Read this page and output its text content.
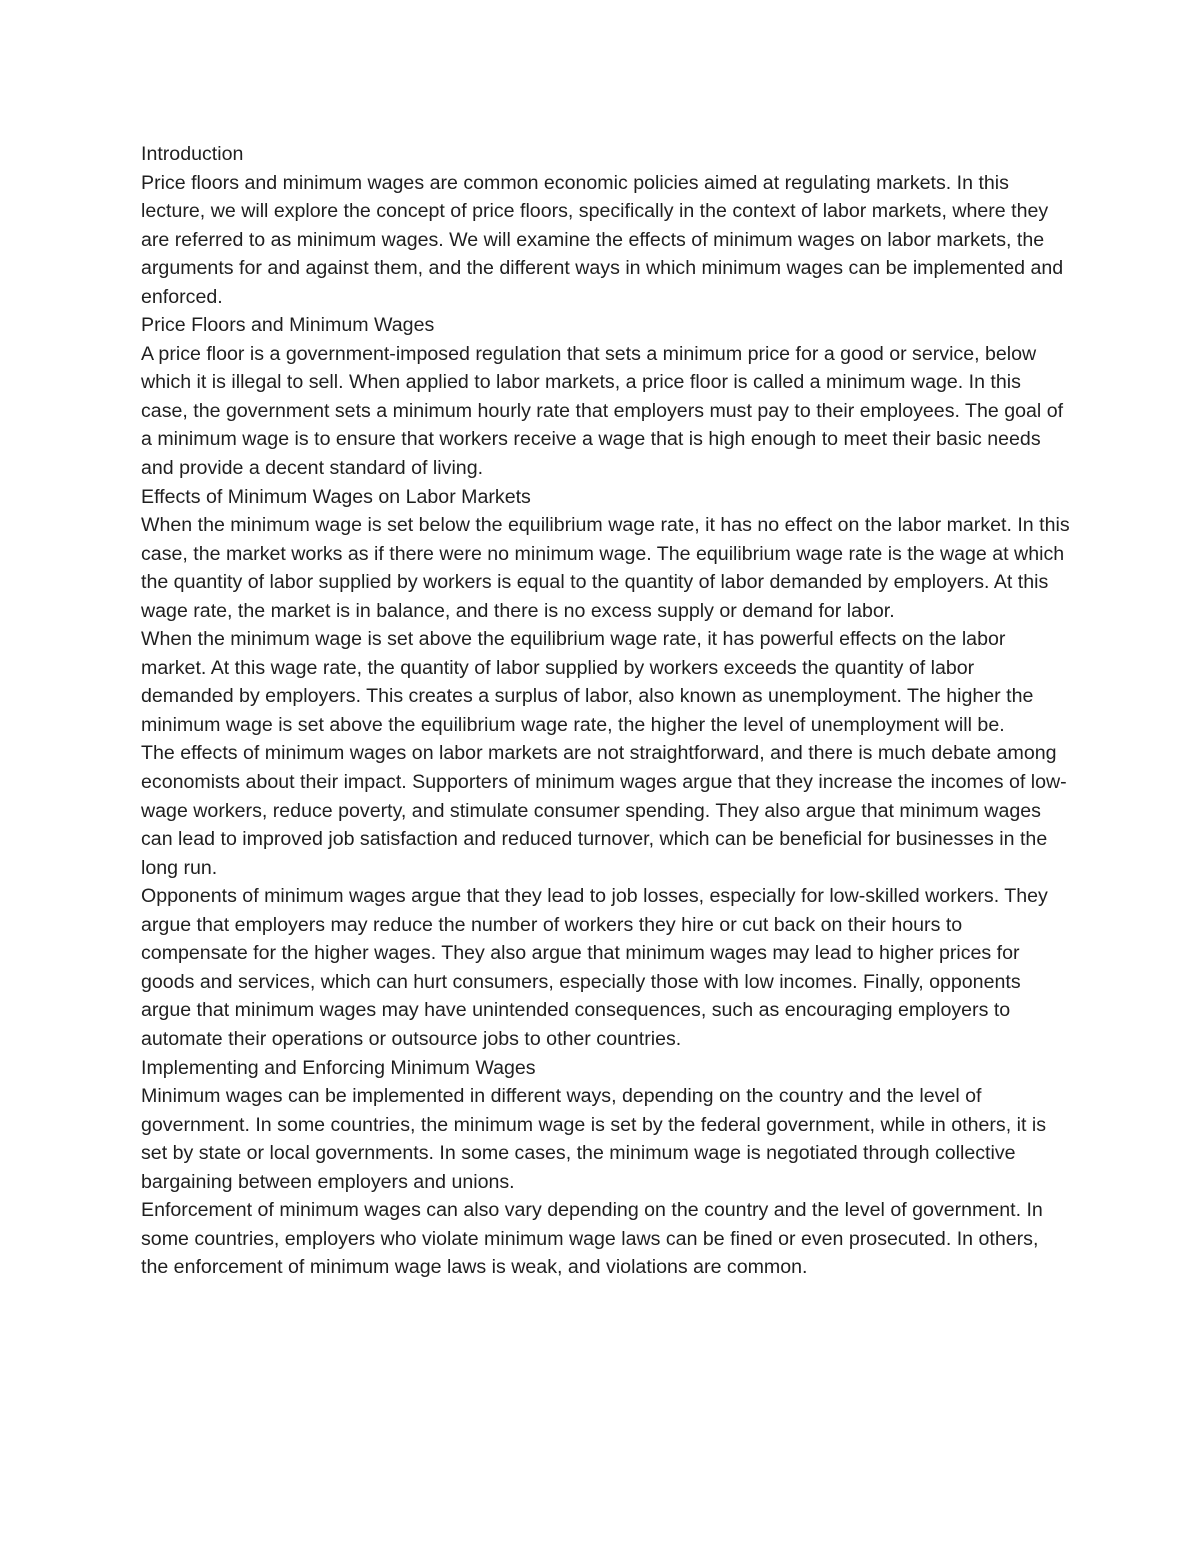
Introduction

Price floors and minimum wages are common economic policies aimed at regulating markets. In this lecture, we will explore the concept of price floors, specifically in the context of labor markets, where they are referred to as minimum wages. We will examine the effects of minimum wages on labor markets, the arguments for and against them, and the different ways in which minimum wages can be implemented and enforced.

Price Floors and Minimum Wages

A price floor is a government-imposed regulation that sets a minimum price for a good or service, below which it is illegal to sell. When applied to labor markets, a price floor is called a minimum wage. In this case, the government sets a minimum hourly rate that employers must pay to their employees. The goal of a minimum wage is to ensure that workers receive a wage that is high enough to meet their basic needs and provide a decent standard of living.

Effects of Minimum Wages on Labor Markets

When the minimum wage is set below the equilibrium wage rate, it has no effect on the labor market. In this case, the market works as if there were no minimum wage. The equilibrium wage rate is the wage at which the quantity of labor supplied by workers is equal to the quantity of labor demanded by employers. At this wage rate, the market is in balance, and there is no excess supply or demand for labor.

When the minimum wage is set above the equilibrium wage rate, it has powerful effects on the labor market. At this wage rate, the quantity of labor supplied by workers exceeds the quantity of labor demanded by employers. This creates a surplus of labor, also known as unemployment. The higher the minimum wage is set above the equilibrium wage rate, the higher the level of unemployment will be.

The effects of minimum wages on labor markets are not straightforward, and there is much debate among economists about their impact. Supporters of minimum wages argue that they increase the incomes of low-wage workers, reduce poverty, and stimulate consumer spending. They also argue that minimum wages can lead to improved job satisfaction and reduced turnover, which can be beneficial for businesses in the long run.

Opponents of minimum wages argue that they lead to job losses, especially for low-skilled workers. They argue that employers may reduce the number of workers they hire or cut back on their hours to compensate for the higher wages. They also argue that minimum wages may lead to higher prices for goods and services, which can hurt consumers, especially those with low incomes. Finally, opponents argue that minimum wages may have unintended consequences, such as encouraging employers to automate their operations or outsource jobs to other countries.

Implementing and Enforcing Minimum Wages

Minimum wages can be implemented in different ways, depending on the country and the level of government. In some countries, the minimum wage is set by the federal government, while in others, it is set by state or local governments. In some cases, the minimum wage is negotiated through collective bargaining between employers and unions.

Enforcement of minimum wages can also vary depending on the country and the level of government. In some countries, employers who violate minimum wage laws can be fined or even prosecuted. In others, the enforcement of minimum wage laws is weak, and violations are common.
